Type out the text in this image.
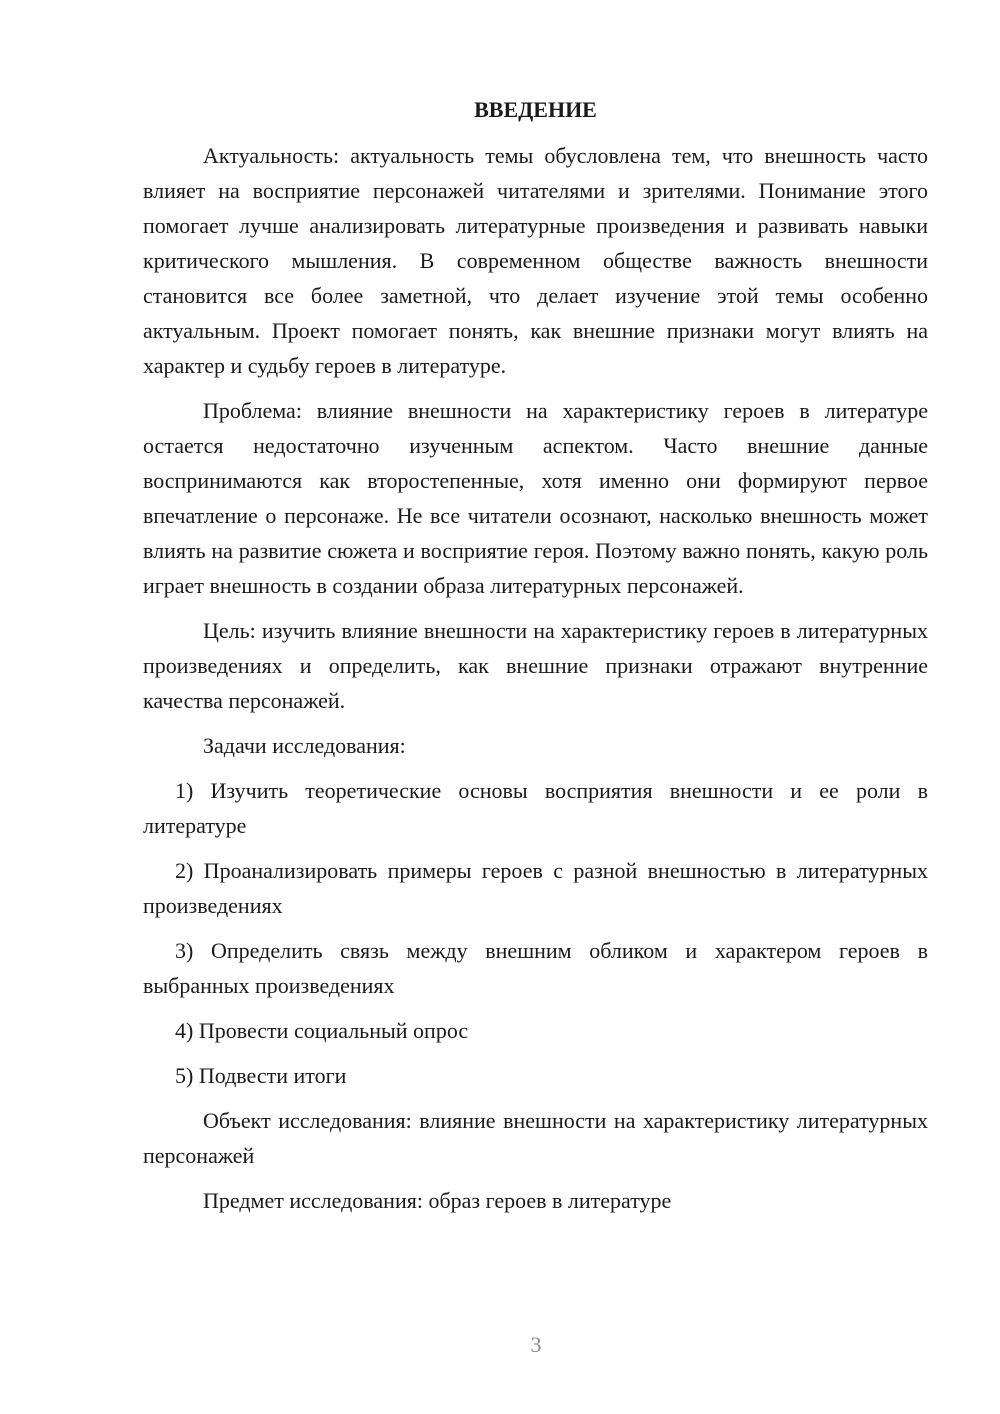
ВВЕДЕНИЕ

Актуальность: актуальность темы обусловлена тем, что внешность часто влияет на восприятие персонажей читателями и зрителями. Понимание этого помогает лучше анализировать литературные произведения и развивать навыки критического мышления. В современном обществе важность внешности становится все более заметной, что делает изучение этой темы особенно актуальным. Проект помогает понять, как внешние признаки могут влиять на характер и судьбу героев в литературе.

Проблема: влияние внешности на характеристику героев в литературе остается недостаточно изученным аспектом. Часто внешние данные воспринимаются как второстепенные, хотя именно они формируют первое впечатление о персонаже. Не все читатели осознают, насколько внешность может влиять на развитие сюжета и восприятие героя. Поэтому важно понять, какую роль играет внешность в создании образа литературных персонажей.

Цель: изучить влияние внешности на характеристику героев в литературных произведениях и определить, как внешние признаки отражают внутренние качества персонажей.

Задачи исследования:

1) Изучить теоретические основы восприятия внешности и ее роли в литературе

2) Проанализировать примеры героев с разной внешностью в литературных произведениях

3) Определить связь между внешним обликом и характером героев в выбранных произведениях

4) Провести социальный опрос

5) Подвести итоги

Объект исследования: влияние внешности на характеристику литературных персонажей

Предмет исследования: образ героев в литературе

3
